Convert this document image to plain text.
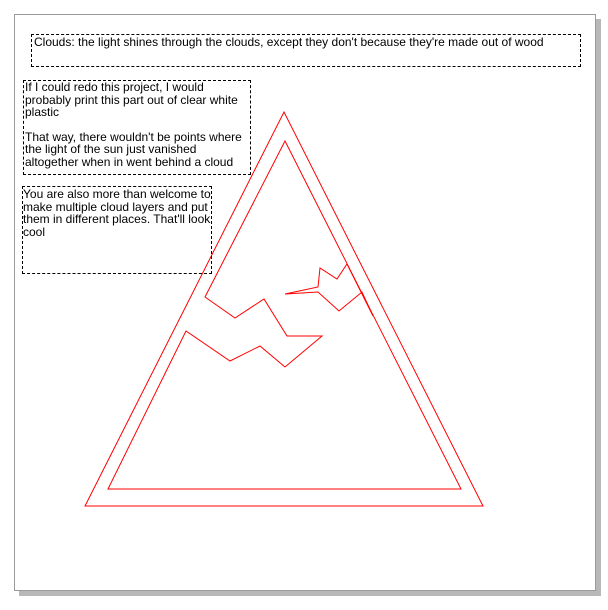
Clouds: the light shines through the clouds, except they don't because they're made out of wood

If I could redo this project, I would probably print this part out of clear white plastic

That way, there wouldn't be points where the light of the sun just vanished altogether when in went behind a cloud

You are also more than welcome to make multiple cloud layers and put them in different places. That'll look cool
